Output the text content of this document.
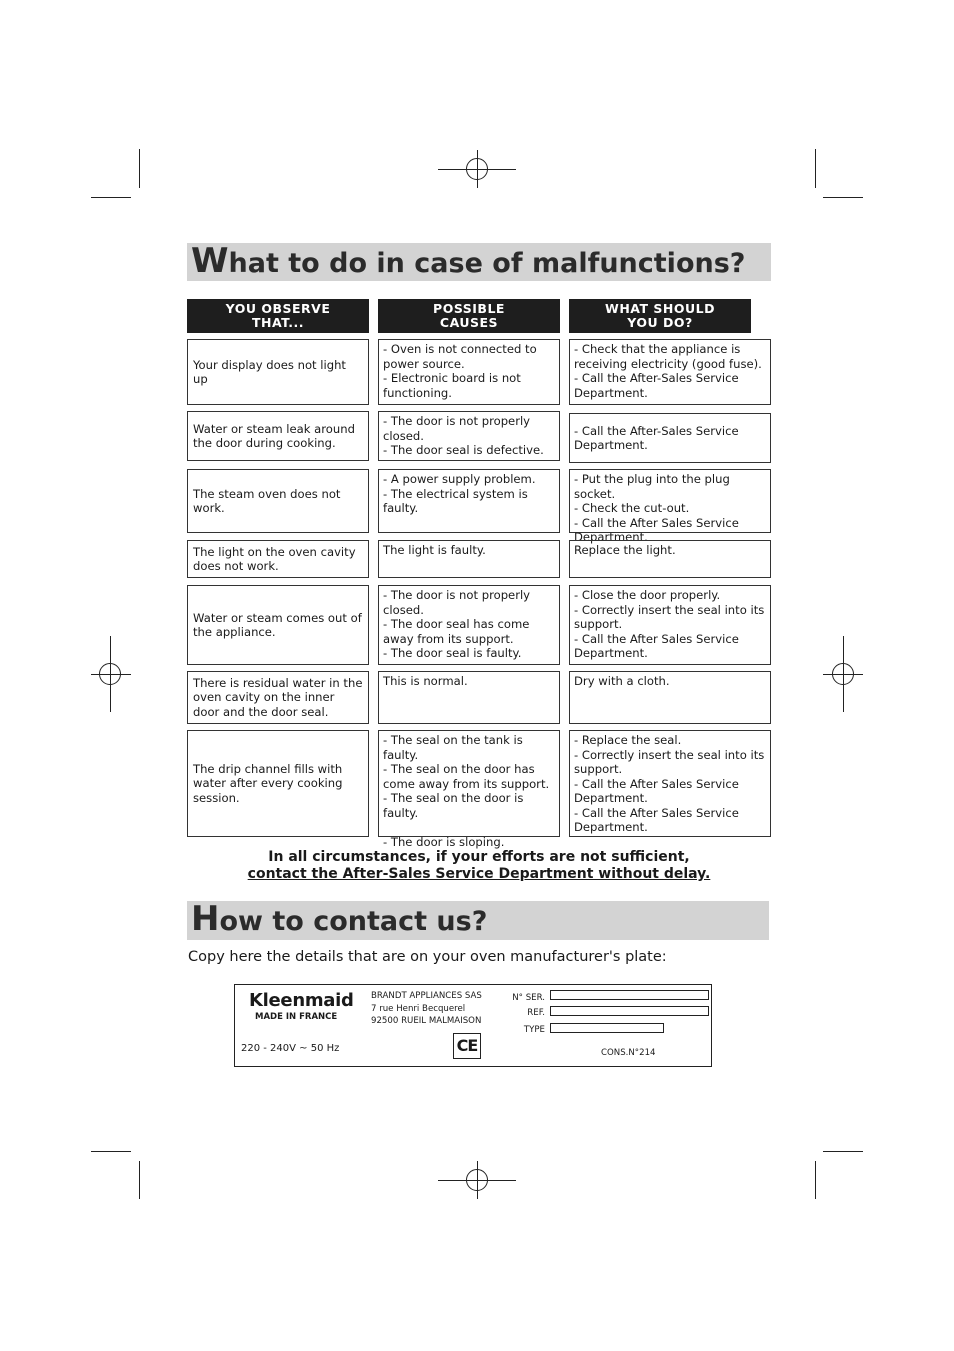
What to do in case of malfunctions?
YOU OBSERVE
THAT...
POSSIBLE
CAUSES
WHAT SHOULD
YOU DO?
Your display does not light up
- Oven is not connected to power source.
- Electronic board is not functioning.
- Check that the appliance is receiving electricity (good fuse).
- Call the After-Sales Service Department.
Water or steam leak around the door during cooking.
- The door is not properly closed.
- The door seal is defective.
- Call the After-Sales Service Department.
The steam oven does not work.
- A power supply problem.
- The electrical system is faulty.
- Put the plug into the plug socket.
- Check the cut-out.
- Call the After Sales Service Department.
The light on the oven cavity does not work.
The light is faulty.	Replace the light.
Water or steam comes out of the appliance.
- The door is not properly closed.
- The door seal has come away from its support.
- The door seal is faulty.
- Close the door properly.
- Correctly insert the seal into its support.
- Call the After Sales Service Department.
There is residual water in the oven cavity on the inner door and the door seal.
This is normal.	Dry with a cloth.
The drip channel fills with water after every cooking session.
- The seal on the tank is faulty.
- The seal on the door has come away from its support.
- The seal on the door is faulty.

- The door is sloping.
- Replace the seal.
- Correctly insert the seal into its support.
- Call the After Sales Service Department.
- Call the After Sales Service Department.
In all circumstances, if your efforts are not sufficient,
contact the After-Sales Service Department without delay.
How to contact us?
Copy here the details that are on your oven manufacturer's plate:
Kleenmaid
MADE IN FRANCE
220 - 240V ~ 50 Hz
BRANDT APPLIANCES SAS
7 rue Henri Becquerel
92500 RUEIL MALMAISON
CE
N° SER.
REF.
TYPE
CONS.N°214
